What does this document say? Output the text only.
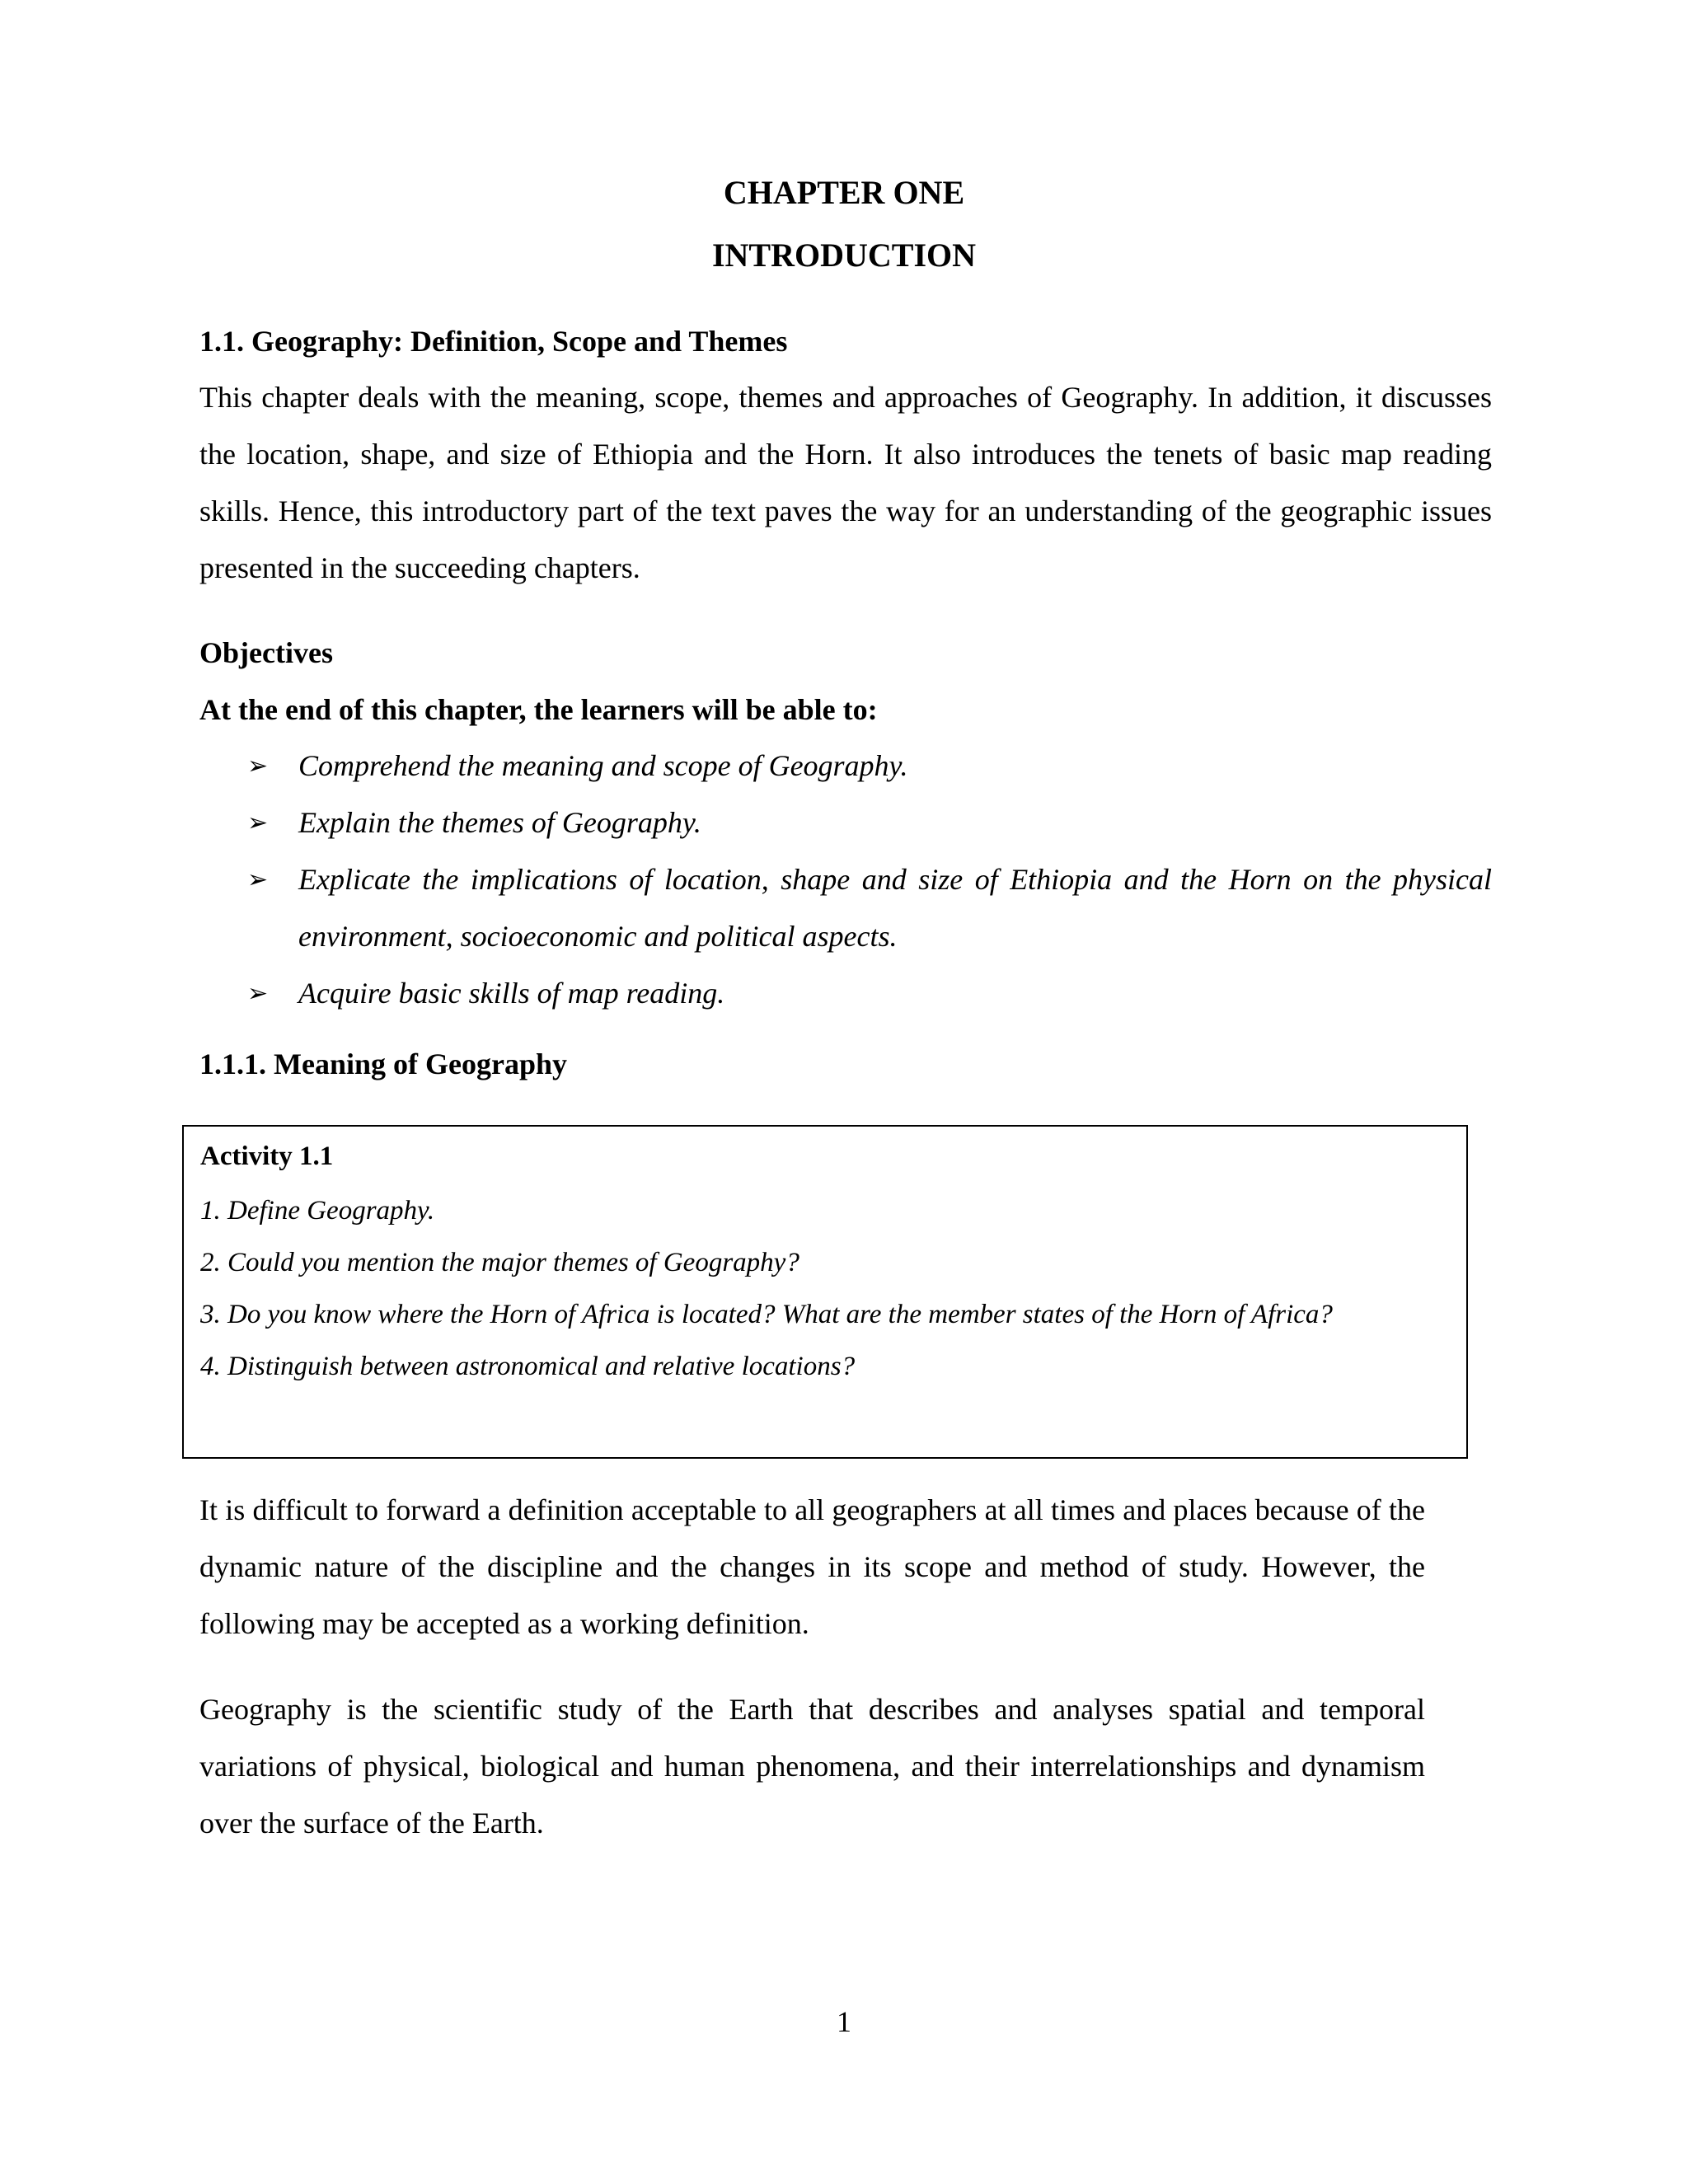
CHAPTER ONE
INTRODUCTION
1.1. Geography: Definition, Scope and Themes

This chapter deals with the meaning, scope, themes and approaches of Geography. In addition, it discusses the location, shape, and size of Ethiopia and the Horn. It also introduces the tenets of basic map reading skills. Hence, this introductory part of the text paves the way for an understanding of the geographic issues presented in the succeeding chapters.

Objectives

At the end of this chapter, the learners will be able to:

➢ Comprehend the meaning and scope of Geography.
➢ Explain the themes of Geography.
➢ Explicate the implications of location, shape and size of Ethiopia and the Horn on the physical environment, socioeconomic and political aspects.
➢ Acquire basic skills of map reading.
1.1.1. Meaning of Geography

Activity 1.1

1. Define Geography.
2. Could you mention the major themes of Geography?
3. Do you know where the Horn of Africa is located? What are the member states of the Horn of Africa?
4. Distinguish between astronomical and relative locations?

It is difficult to forward a definition acceptable to all geographers at all times and places because of the dynamic nature of the discipline and the changes in its scope and method of study. However, the following may be accepted as a working definition.

Geography is the scientific study of the Earth that describes and analyses spatial and temporal variations of physical, biological and human phenomena, and their interrelationships and dynamism over the surface of the Earth.

1
